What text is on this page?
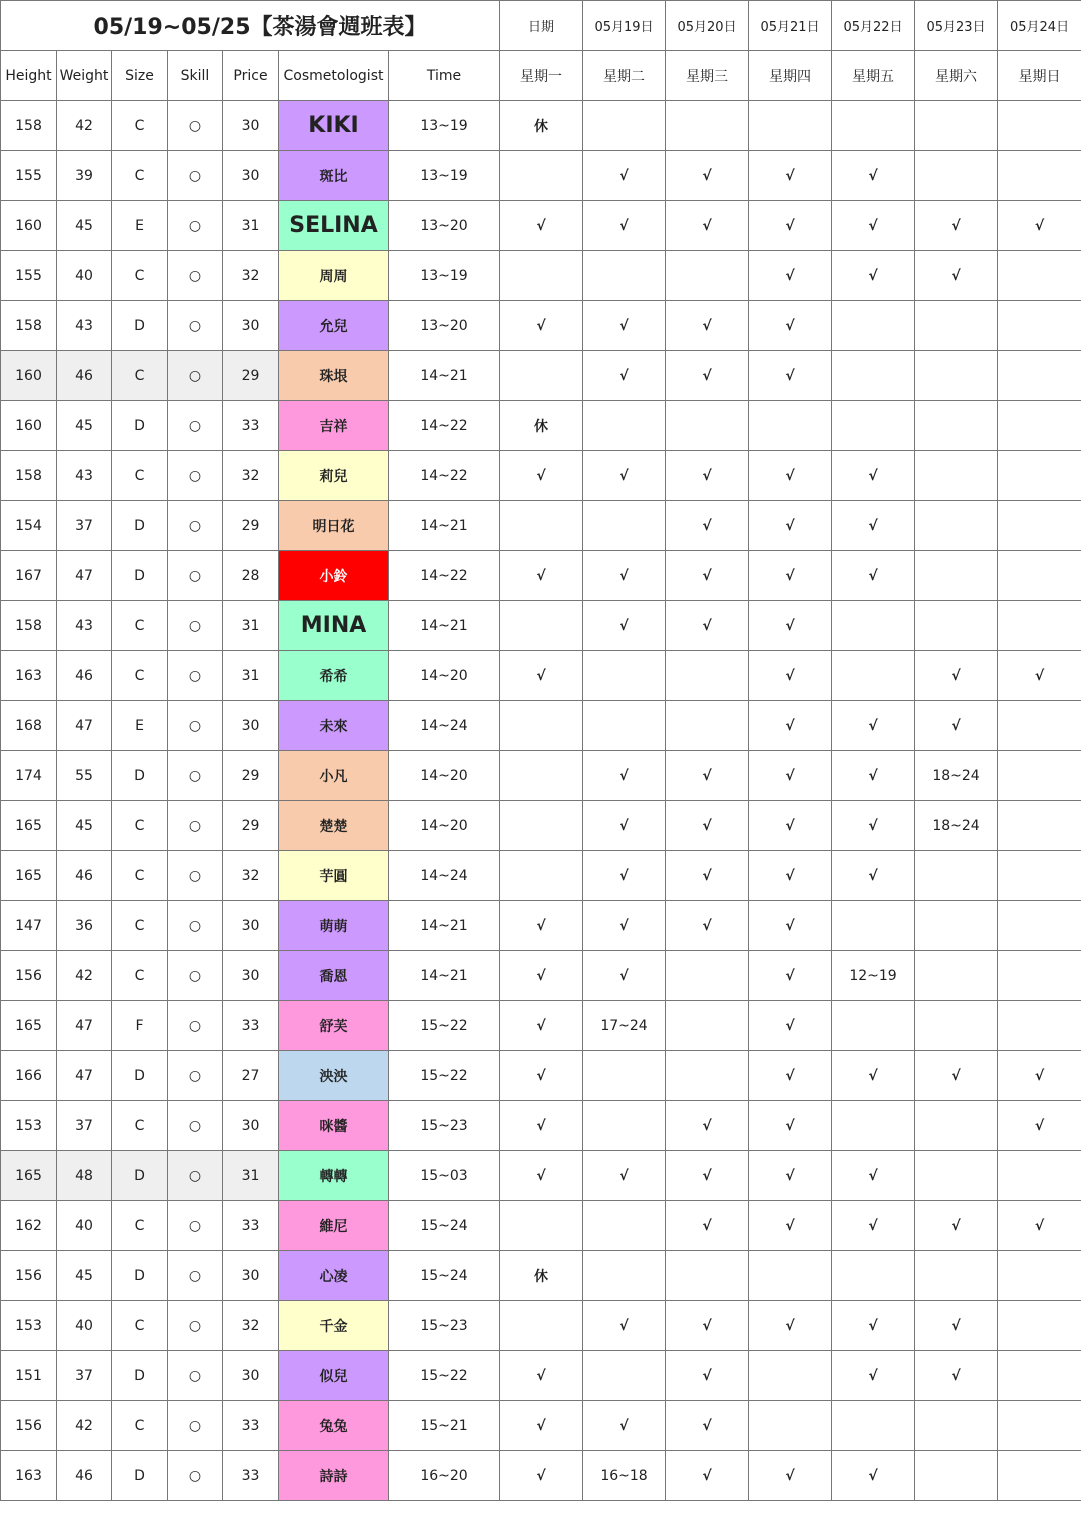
05/19~05/25【茶湯會週班表】							日期	05月19日	05月20日	05月21日	05月22日	05月23日	05月24日	
Height	Weight	Size	Skill	Price	Cosmetologist	Time	星期一	星期二	星期三	星期四	星期五	星期六	星期日	
158	42	C	○	30	KIKI	13~19	休							
155	39	C	○	30	斑比	13~19		√	√	√	√			
160	45	E	○	31	SELINA	13~20	√	√	√	√	√	√	√	
155	40	C	○	32	周周	13~19				√	√	√		
158	43	D	○	30	允兒	13~20	√	√	√	√				
160	46	C	○	29	珠垠	14~21		√	√	√				
160	45	D	○	33	吉祥	14~22	休							
158	43	C	○	32	莉兒	14~22	√	√	√	√	√			
154	37	D	○	29	明日花	14~21			√	√	√			
167	47	D	○	28	小鈴	14~22	√	√	√	√	√			
158	43	C	○	31	MINA	14~21		√	√	√				
163	46	C	○	31	希希	14~20	√			√		√	√	
168	47	E	○	30	未來	14~24				√	√	√		
174	55	D	○	29	小凡	14~20		√	√	√	√	18~24		
165	45	C	○	29	楚楚	14~20		√	√	√	√	18~24		
165	46	C	○	32	芋圓	14~24		√	√	√	√			
147	36	C	○	30	萌萌	14~21	√	√	√	√				
156	42	C	○	30	喬恩	14~21	√	√		√	12~19			
165	47	F	○	33	舒芙	15~22	√	17~24		√				
166	47	D	○	27	泱泱	15~22	√			√	√	√	√	
153	37	C	○	30	咪醬	15~23	√		√	√			√	
165	48	D	○	31	轉轉	15~03	√	√	√	√	√			
162	40	C	○	33	維尼	15~24			√	√	√	√	√	
156	45	D	○	30	心凌	15~24	休							
153	40	C	○	32	千金	15~23		√	√	√	√	√		
151	37	D	○	30	似兒	15~22	√		√		√	√		
156	42	C	○	33	兔兔	15~21	√	√	√					
163	46	D	○	33	詩詩	16~20	√	16~18	√	√	√			
